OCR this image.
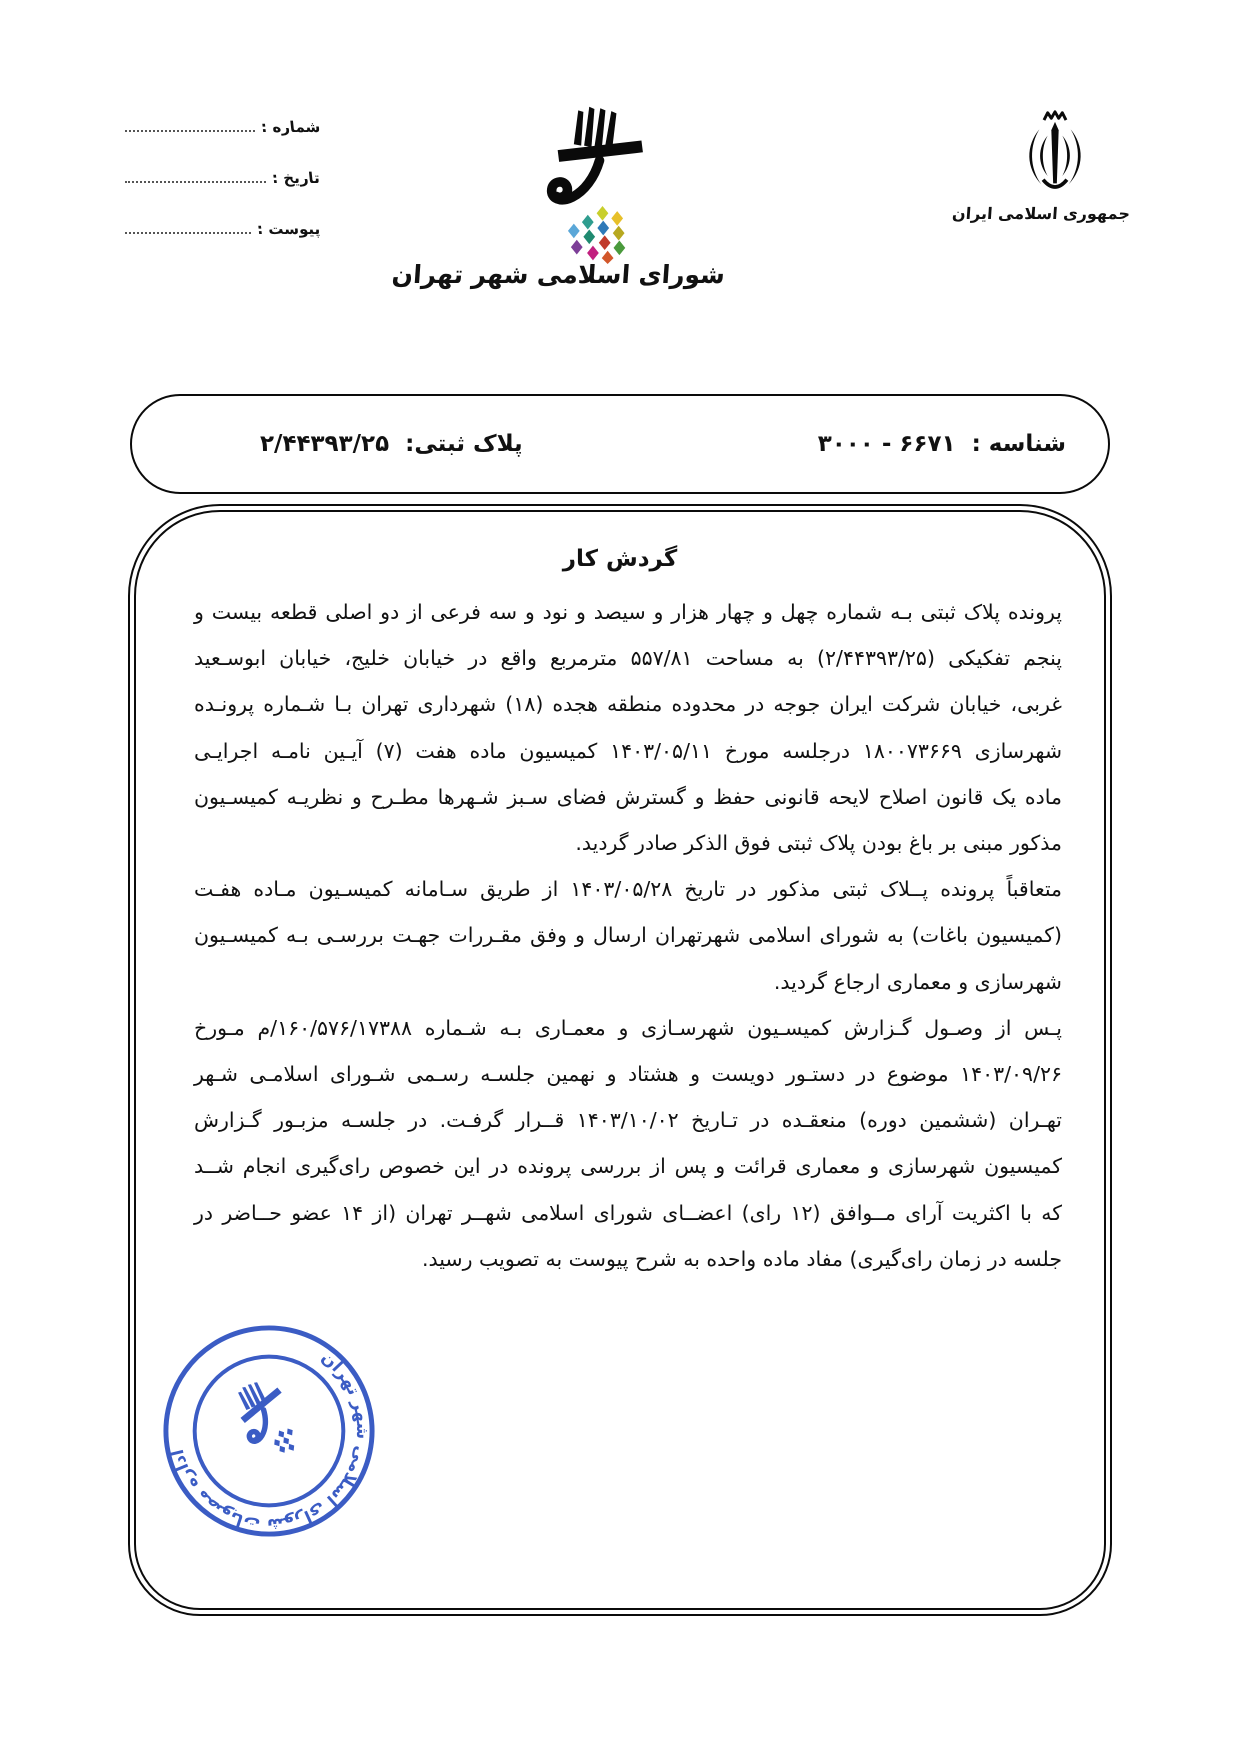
شماره :
تاریخ :
پیوست :
شورای اسلامی شهر تهران
جمهوری اسلامی ایران
شناسه : ۶۶۷۱ - ۳۰۰۰
پلاک ثبتی: ۲/۴۴۳۹۳/۲۵
گردش کار
پرونده پلاک ثبتی بـه شماره چهل و چهار هزار و سیصد و نود و سه فرعی از دو اصلی قطعه بیست و
پنجم تفکیکی (۲/۴۴۳۹۳/۲۵) به مساحت ۵۵۷/۸۱ مترمربع واقع در خیابان خلیج، خیابان ابوسـعید
غربی، خیابان شرکت ایران جوجه در محدوده منطقه هجده (۱۸) شهرداری تهران بـا شـماره پرونـده
شهرسازی ۱۸۰۰۷۳۶۶۹ درجلسه مورخ ۱۴۰۳/۰۵/۱۱ کمیسیون ماده هفت (۷) آیـین نامـه اجرایـی
ماده یک قانون اصلاح لایحه قانونی حفظ و گسترش فضای سـبز شـهرها مطـرح و نظریـه کمیسـیون
مذکور مبنی بر باغ بودن پلاک ثبتی فوق الذکر صادر گردید.
متعاقباً پرونده پــلاک ثبتی مذکور در تاریخ ۱۴۰۳/۰۵/۲۸ از طریق سـامانه کمیسـیون مـاده هفـت
(کمیسیون باغات) به شورای اسلامی شهرتهران ارسال و وفق مقـررات جهـت بررسـی بـه کمیسـیون
شهرسازی و معماری ارجاع گردید.
پـس از وصـول گـزارش کمیسـیون شهرسـازی و معمـاری بـه شـماره ۱۶۰/۵۷۶/۱۷۳۸۸/م مـورخ
۱۴۰۳/۰۹/۲۶ موضوع در دستـور دویست و هشتاد و نهمین جلسـه رسـمی شـورای اسلامـی شـهر
تهـران (ششمین دوره) منعقـده در تـاریخ ۱۴۰۳/۱۰/۰۲ قــرار گرفـت. در جلسـه مزبـور گـزارش
کمیسیون شهرسازی و معماری قرائت و پس از بررسی پرونده در این خصوص رای‌گیری انجام شــد
که با اکثریت آرای مــوافق (۱۲ رای) اعضــای شورای اسلامی شهــر تهران (از ۱۴ عضو حــاضر در
جلسه در زمان رای‌گیری) مفاد ماده واحده به شرح پیوست به تصویب رسید.
اداره مصوبات شورای اسلامی شهر تهران
